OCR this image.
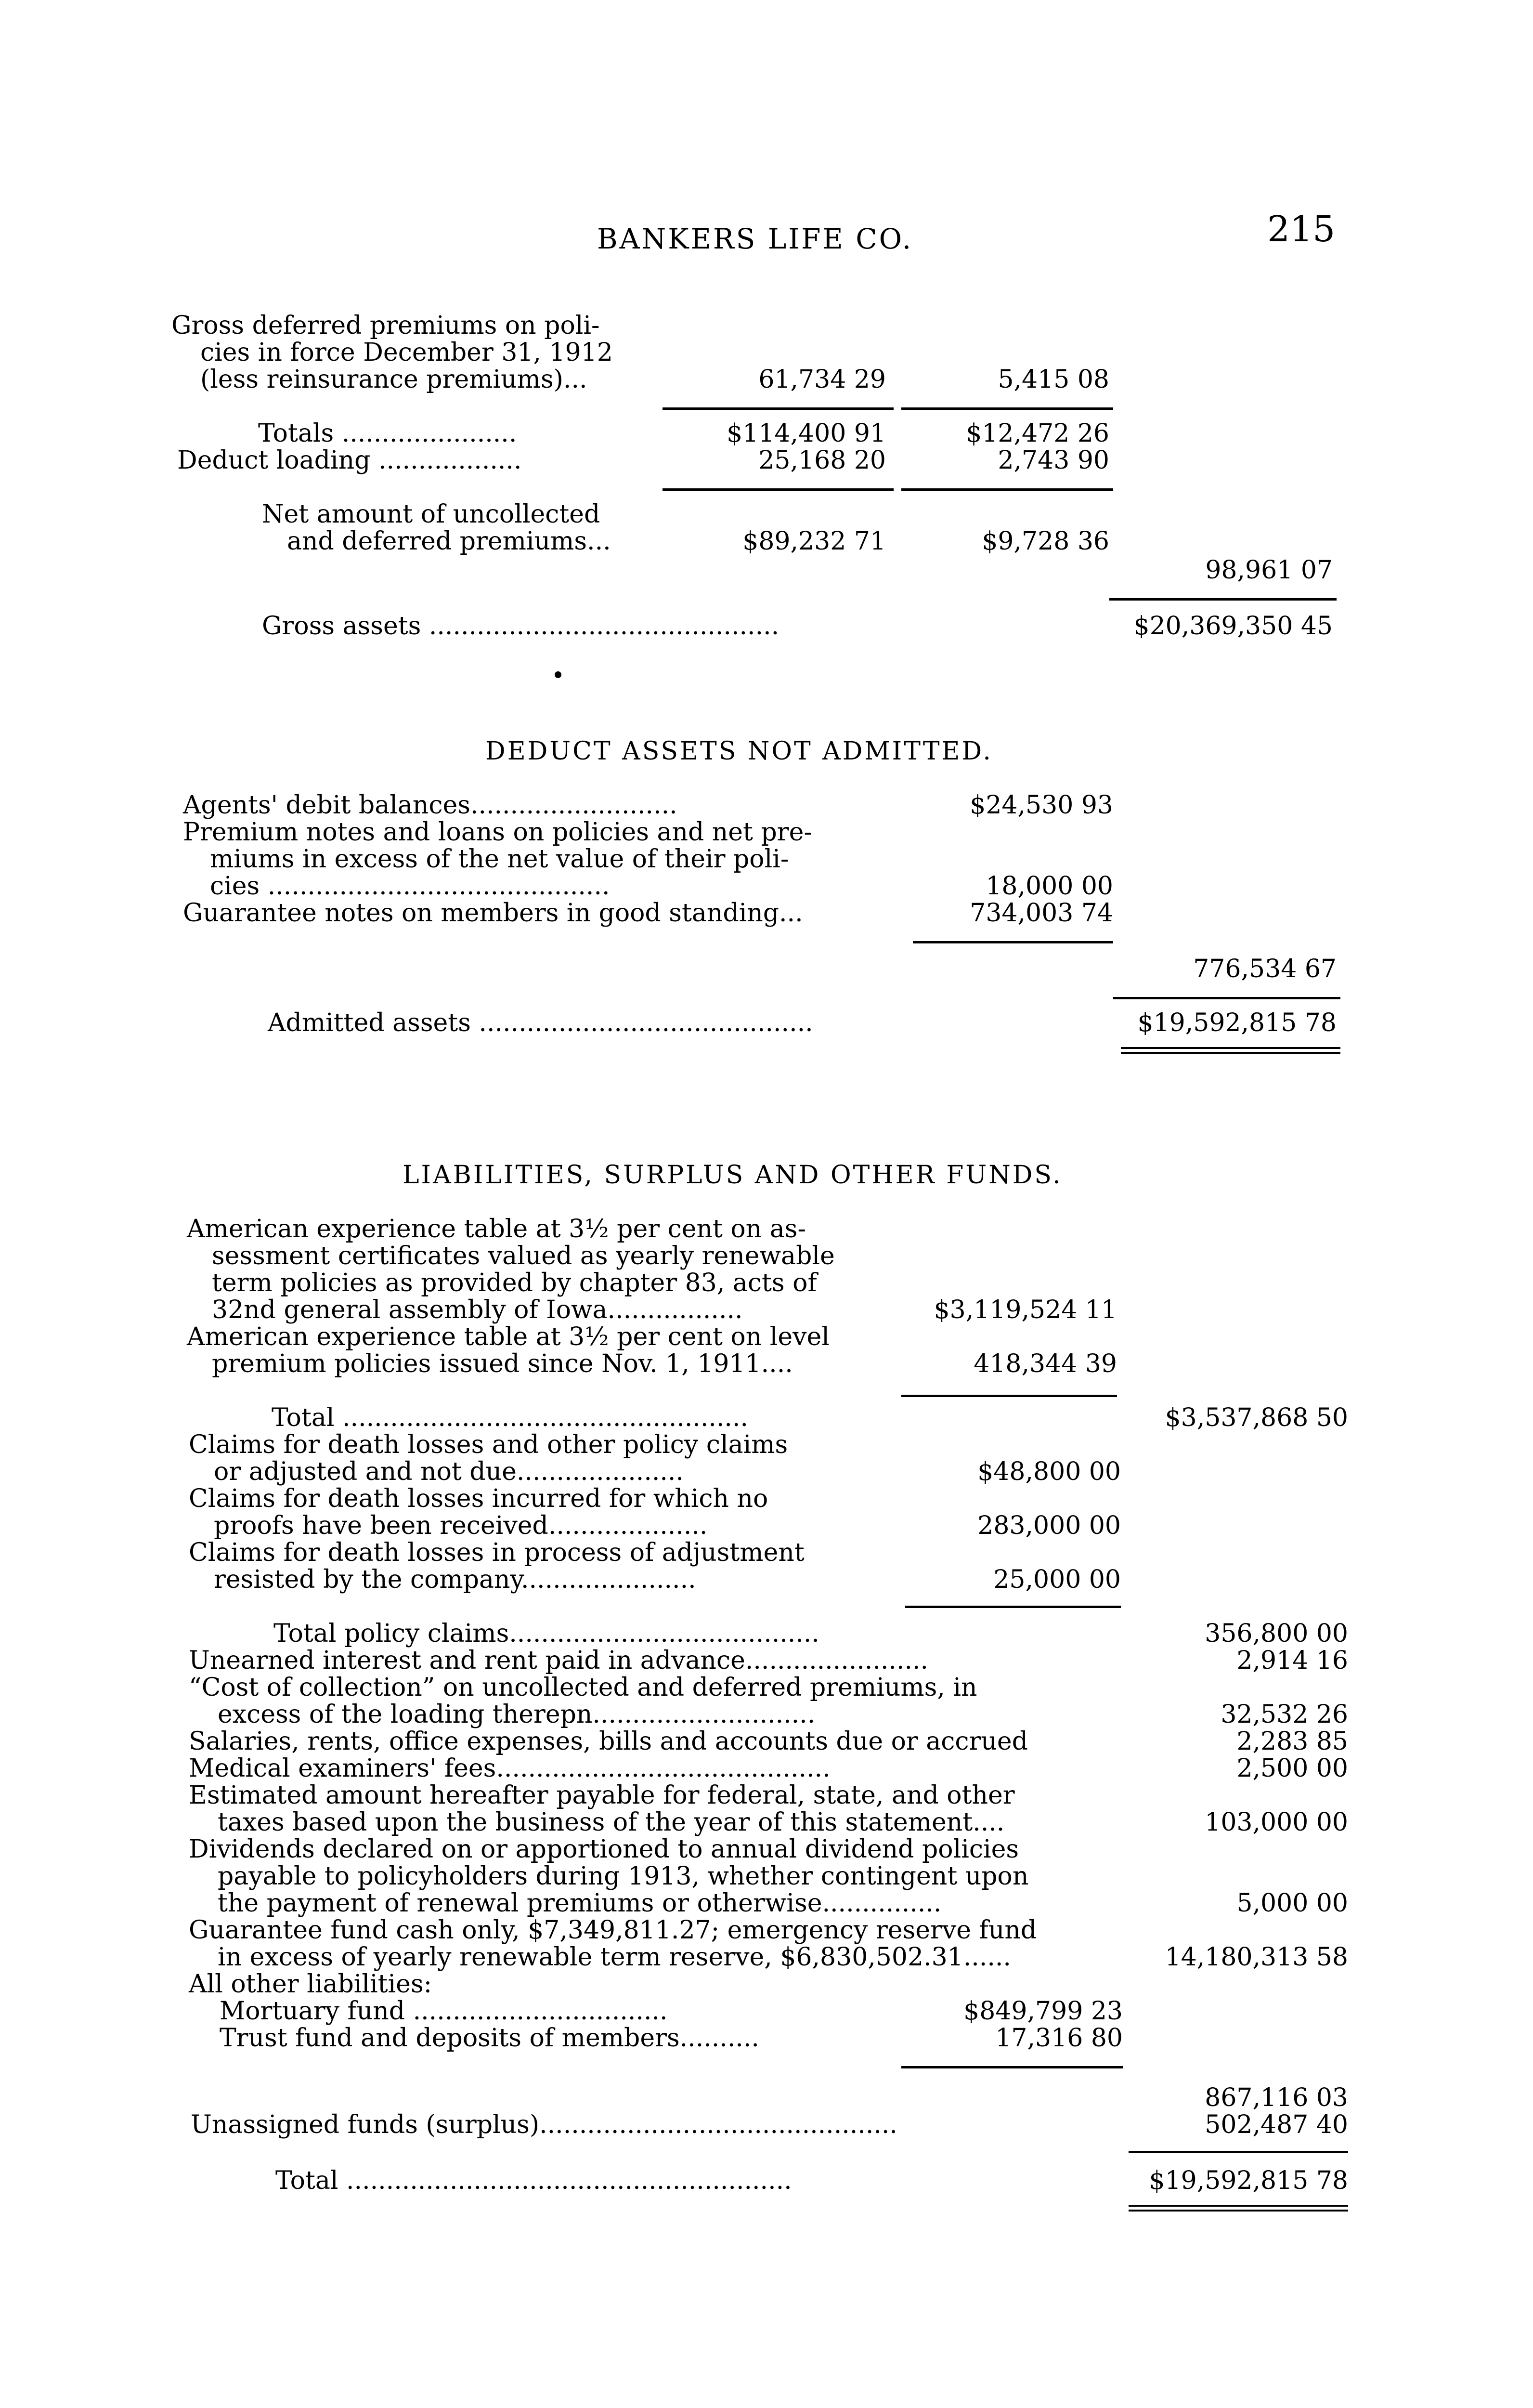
BANKERS LIFE CO.	215
Gross deferred premiums on poli-
cies in force December 31, 1912
(less reinsurance premiums)...	61,734 29	5,415 08
Totals ......................	$114,400 91	$12,472 26
Deduct loading ..................	25,168 20	2,743 90
Net amount of uncollected
and deferred premiums...	$89,232 71	$9,728 36
98,961 07
Gross assets ............................................	$20,369,350 45
DEDUCT ASSETS NOT ADMITTED.
Agents' debit balances..........................	$24,530 93
Premium notes and loans on policies and net pre-
miums in excess of the net value of their poli-
cies ...........................................	18,000 00
Guarantee notes on members in good standing...	734,003 74
776,534 67
Admitted assets ..........................................	$19,592,815 78
LIABILITIES, SURPLUS AND OTHER FUNDS.
American experience table at 3½ per cent on as-
sessment certificates valued as yearly renewable
term policies as provided by chapter 83, acts of
32nd general assembly of Iowa.................	$3,119,524 11
American experience table at 3½ per cent on level
premium policies issued since Nov. 1, 1911....	418,344 39
Total ...................................................	$3,537,868 50
Claims for death losses and other policy claims
or adjusted and not due.....................	$48,800 00
Claims for death losses incurred for which no
proofs have been received....................	283,000 00
Claims for death losses in process of adjustment
resisted by the company......................	25,000 00
Total policy claims.......................................	356,800 00
Unearned interest and rent paid in advance.......................	2,914 16
“Cost of collection” on uncollected and deferred premiums, in
excess of the loading therepn............................	32,532 26
Salaries, rents, office expenses, bills and accounts due or accrued	2,283 85
Medical examiners' fees..........................................	2,500 00
Estimated amount hereafter payable for federal, state, and other
taxes based upon the business of the year of this statement....	103,000 00
Dividends declared on or apportioned to annual dividend policies
payable to policyholders during 1913, whether contingent upon
the payment of renewal premiums or otherwise...............	5,000 00
Guarantee fund cash only, $7,349,811.27; emergency reserve fund
in excess of yearly renewable term reserve, $6,830,502.31......	14,180,313 58
All other liabilities:
Mortuary fund ................................	$849,799 23
Trust fund and deposits of members..........	17,316 80
867,116 03
Unassigned funds (surplus).............................................	502,487 40
Total ........................................................	$19,592,815 78
